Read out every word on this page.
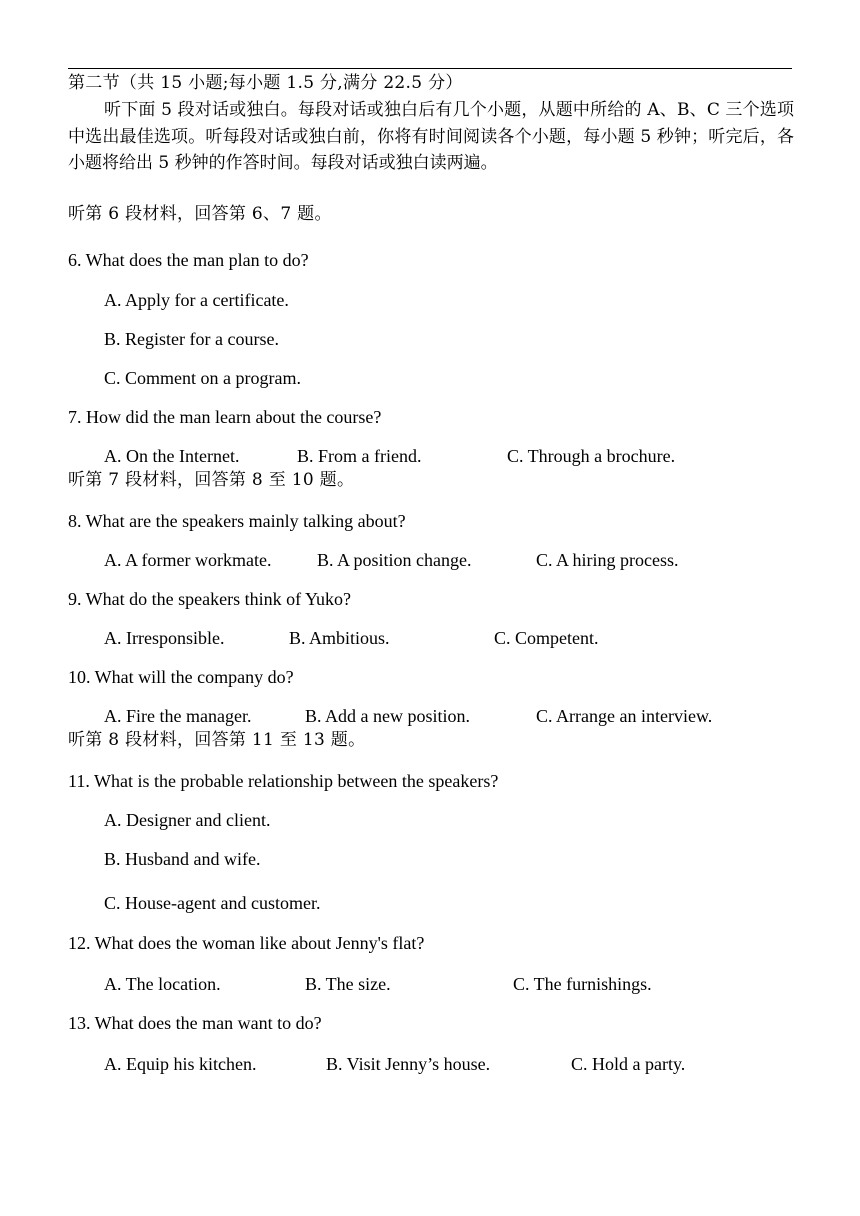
第二节（共 15 小题;每小题 1.5 分,满分 22.5 分）
听下面 5 段对话或独白。每段对话或独白后有几个小题，从题中所给的 A、B、C 三个选项中选出最佳选项。听每段对话或独白前，你将有时间阅读各个小题，每小题 5 秒钟；听完后，各小题将给出 5 秒钟的作答时间。每段对话或独白读两遍。
听第 6 段材料，回答第 6、7 题。
6. What does the man plan to do?
A. Apply for a certificate.
B. Register for a course.
C. Comment on a program.
7. How did the man learn about the course?
A. On the Internet.	B. From a friend.	C. Through a brochure.
听第 7 段材料，回答第 8 至 10 题。
8. What are the speakers mainly talking about?
A. A former workmate.	B. A position change.	C. A hiring process.
9. What do the speakers think of Yuko?
A. Irresponsible.	B. Ambitious.	C. Competent.
10. What will the company do?
A. Fire the manager.	B. Add a new position.	C. Arrange an interview.
听第 8 段材料，回答第 11 至 13 题。
11. What is the probable relationship between the speakers?
A. Designer and client.
B. Husband and wife.
C. House-agent and customer.
12. What does the woman like about Jenny's flat?
A. The location.	B. The size.	C. The furnishings.
13. What does the man want to do?
A. Equip his kitchen.	B. Visit Jenny’s house.	C. Hold a party.
